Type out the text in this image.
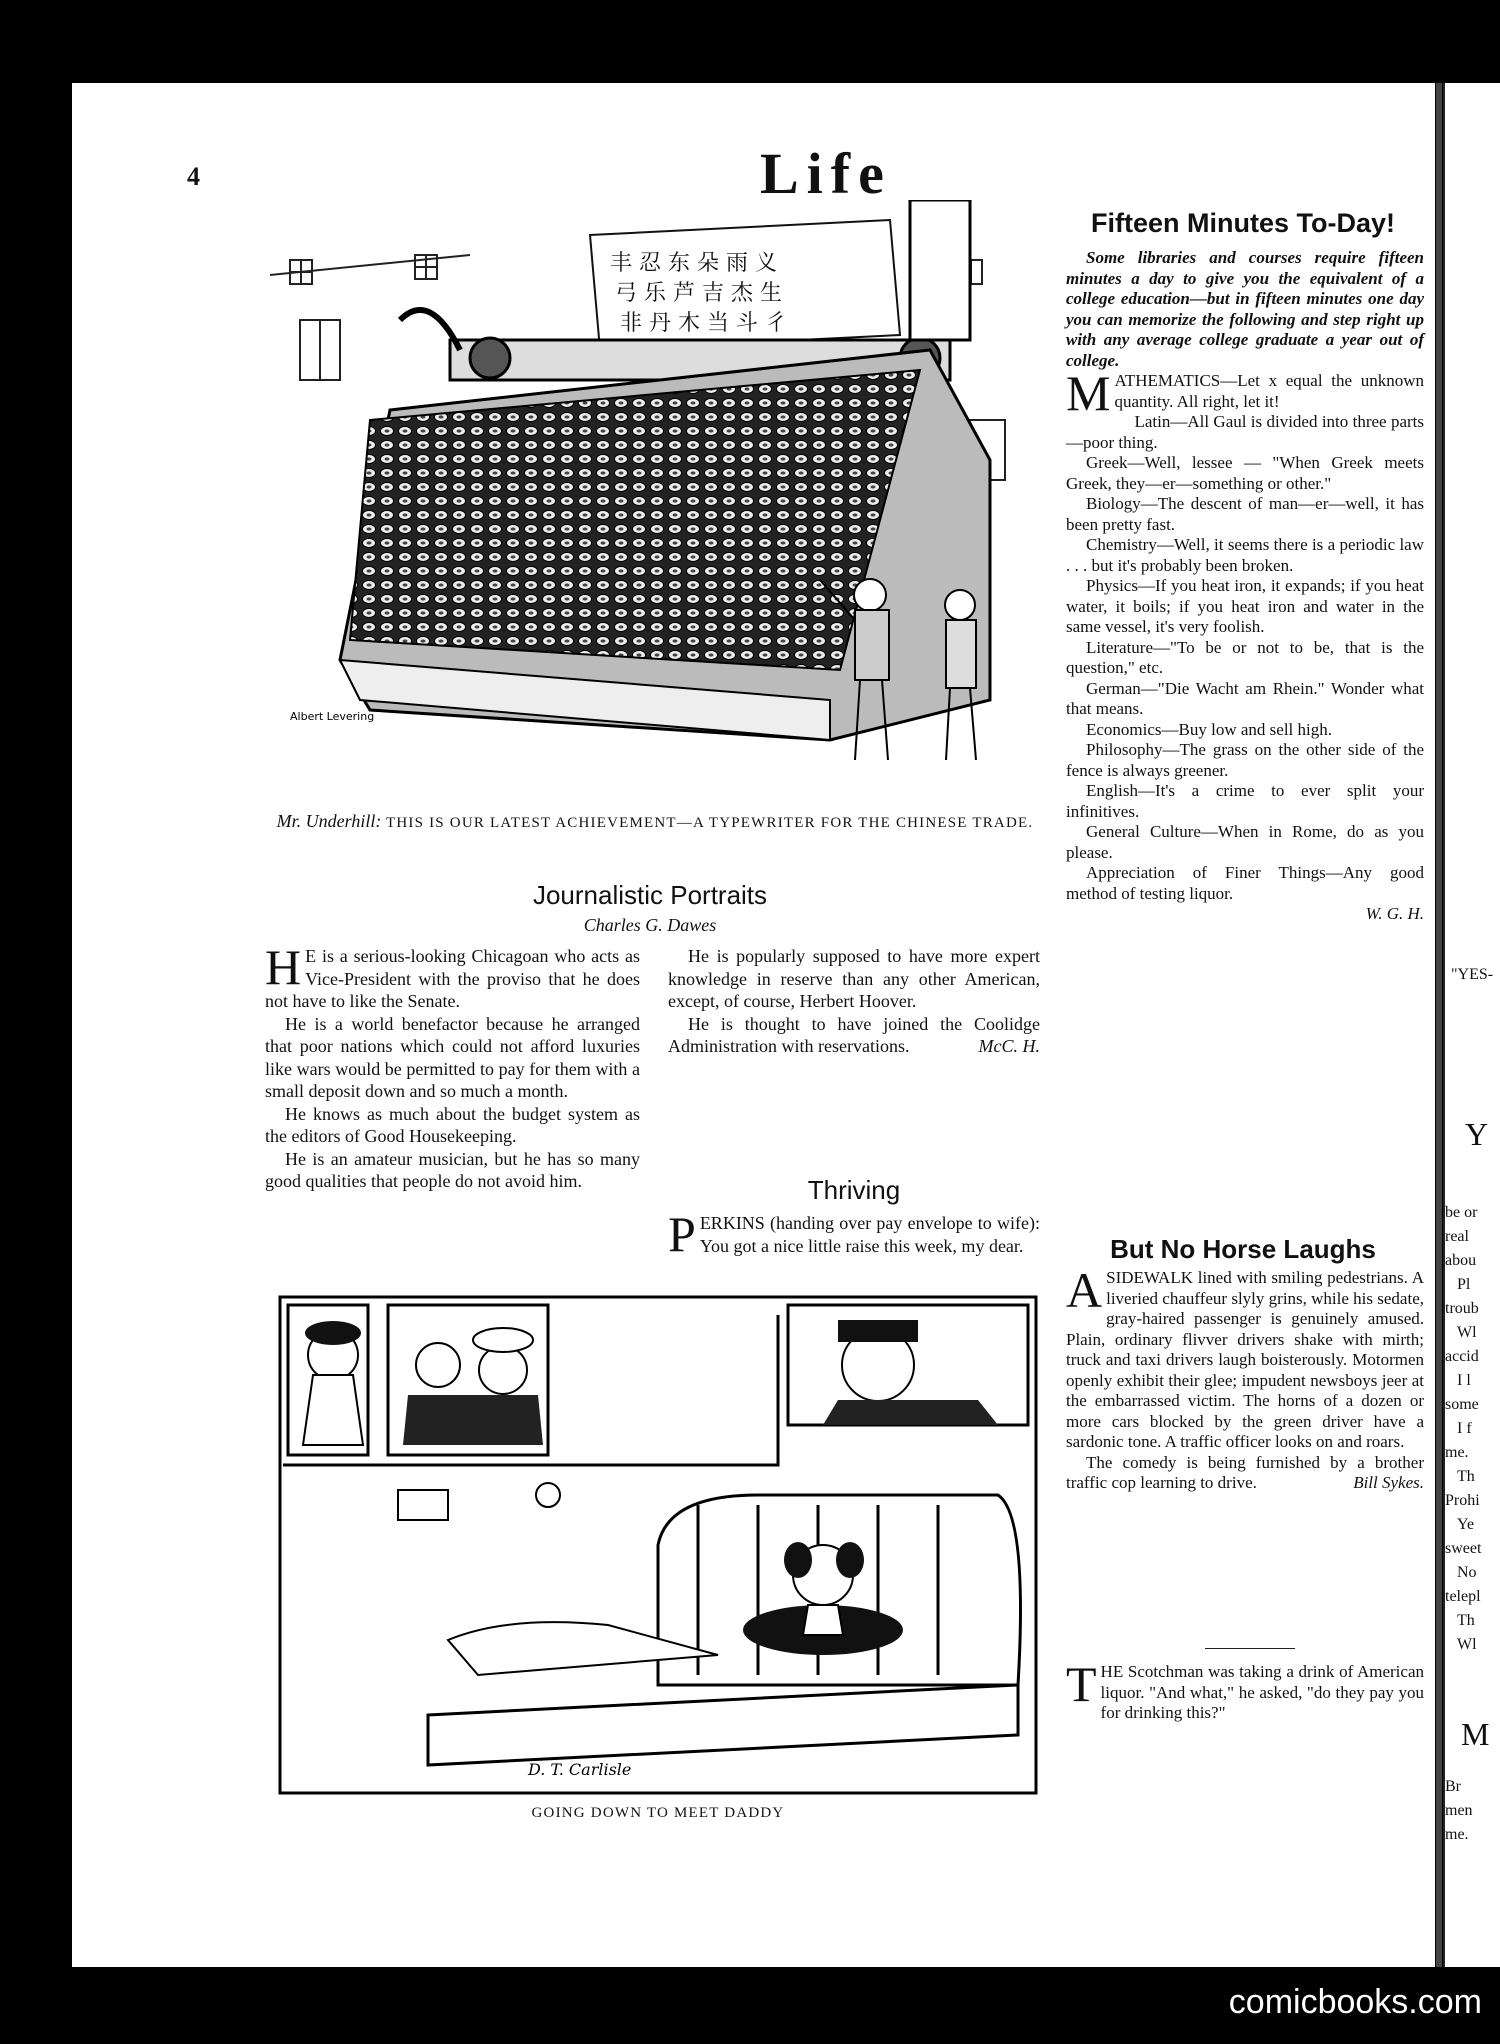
"YES-
Y
be or
real
abou
Pl
troub
Wl
accid
I l
some
I f
me.
Th
Prohi
Ye
sweet
No
telepl
Th
Wl
M
Br
men
me.
4	Life
丰 忍 东 朵 雨 义
弓 乐 芦 吉 杰 生
非 丹 木 当 斗 彳
Albert Levering
Mr. Underhill: THIS IS OUR LATEST ACHIEVEMENT—A TYPEWRITER FOR THE CHINESE TRADE.
Journalistic Portraits
Charles G. Dawes

H E is a serious-looking Chicagoan who acts as Vice-President with the proviso that he does not have to like the Senate.

He is a world benefactor because he arranged that poor nations which could not afford luxuries like wars would be permitted to pay for them with a small deposit down and so much a month.

He knows as much about the budget system as the editors of Good Housekeeping.

He is an amateur musician, but he has so many good qualities that people do not avoid him.

He is popularly supposed to have more expert knowledge in reserve than any other American, except, of course, Herbert Hoover.

He is thought to have joined the Coolidge Administration with reservations.	McC. H.

Thriving

PERKINS (handing over pay envelope to wife): You got a nice little raise this week, my dear.

D. T. Carlisle
GOING DOWN TO MEET DADDY
Fifteen Minutes To-Day!

Some libraries and courses require fifteen minutes a day to give you the equivalent of a college education—but in fifteen minutes one day you can memorize the following and step right up with any average college graduate a year out of college.

MATHEMATICS—Let x equal the unknown quantity. All right, let it!

Latin—All Gaul is divided into three parts—poor thing.

Greek—Well, lessee — "When Greek meets Greek, they—er—something or other."

Biology—The descent of man—er—well, it has been pretty fast.

Chemistry—Well, it seems there is a periodic law . . . but it's probably been broken.

Physics—If you heat iron, it expands; if you heat water, it boils; if you heat iron and water in the same vessel, it's very foolish.

Literature—"To be or not to be, that is the question," etc.

German—"Die Wacht am Rhein." Wonder what that means.

Economics—Buy low and sell high.

Philosophy—The grass on the other side of the fence is always greener.

English—It's a crime to ever split your infinitives.

General Culture—When in Rome, do as you please.

Appreciation of Finer Things—Any good method of testing liquor.

W. G. H.

But No Horse Laughs

ASIDEWALK lined with smiling pedestrians. A liveried chauffeur slyly grins, while his sedate, gray-haired passenger is genuinely amused. Plain, ordinary flivver drivers shake with mirth; truck and taxi drivers laugh boisterously. Motormen openly exhibit their glee; impudent newsboys jeer at the embarrassed victim. The horns of a dozen or more cars blocked by the green driver have a sardonic tone. A traffic officer looks on and roars.

The comedy is being furnished by a brother traffic cop learning to drive.	Bill Sykes.

THE Scotchman was taking a drink of American liquor. "And what," he asked, "do they pay you for drinking this?"

comicbooks.com
